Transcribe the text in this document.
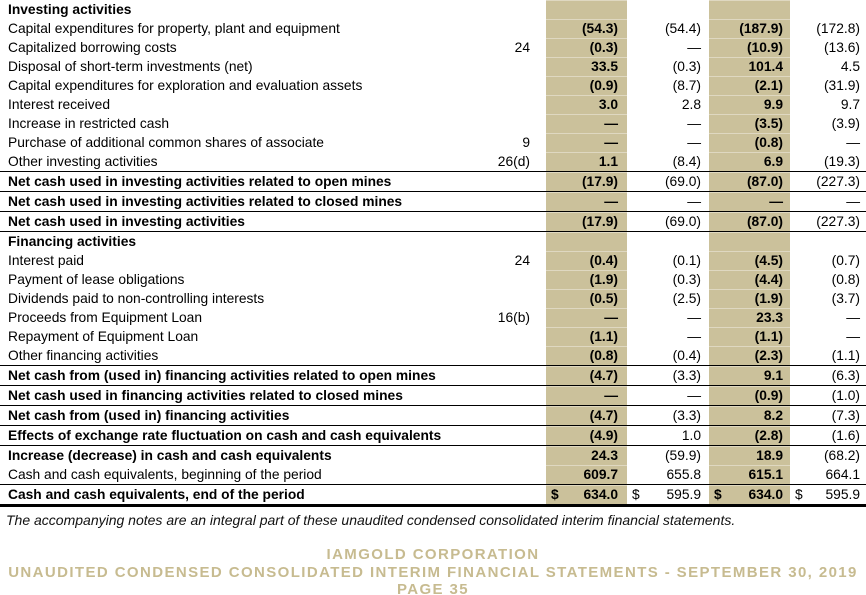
Investing activities					
Capital expenditures for property, plant and equipment		(54.3)	(54.4)	(187.9)	(172.8)
Capitalized borrowing costs	24	(0.3)	—	(10.9)	(13.6)
Disposal of short-term investments (net)		33.5	(0.3)	101.4	4.5
Capital expenditures for exploration and evaluation assets		(0.9)	(8.7)	(2.1)	(31.9)
Interest received		3.0	2.8	9.9	9.7
Increase in restricted cash		—	—	(3.5)	(3.9)
Purchase of additional common shares of associate	9	—	—	(0.8)	—
Other investing activities	26(d)	1.1	(8.4)	6.9	(19.3)
Net cash used in investing activities related to open mines		(17.9)	(69.0)	(87.0)	(227.3)
Net cash used in investing activities related to closed mines		—	—	—	—
Net cash used in investing activities		(17.9)	(69.0)	(87.0)	(227.3)
Financing activities					
Interest paid	24	(0.4)	(0.1)	(4.5)	(0.7)
Payment of lease obligations		(1.9)	(0.3)	(4.4)	(0.8)
Dividends paid to non-controlling interests		(0.5)	(2.5)	(1.9)	(3.7)
Proceeds from Equipment Loan	16(b)	—	—	23.3	—
Repayment of Equipment Loan		(1.1)	—	(1.1)	—
Other financing activities		(0.8)	(0.4)	(2.3)	(1.1)
Net cash from (used in) financing activities related to open mines		(4.7)	(3.3)	9.1	(6.3)
Net cash used in financing activities related to closed mines		—	—	(0.9)	(1.0)
Net cash from (used in) financing activities		(4.7)	(3.3)	8.2	(7.3)
Effects of exchange rate fluctuation on cash and cash equivalents		(4.9)	1.0	(2.8)	(1.6)
Increase (decrease) in cash and cash equivalents		24.3	(59.9)	18.9	(68.2)
Cash and cash equivalents, beginning of the period		609.7	655.8	615.1	664.1
Cash and cash equivalents, end of the period		$ 634.0	$ 595.9	$ 634.0	$ 595.9

The accompanying notes are an integral part of these unaudited condensed consolidated interim financial statements.

IAMGOLD CORPORATION
UNAUDITED CONDENSED CONSOLIDATED INTERIM FINANCIAL STATEMENTS - SEPTEMBER 30, 2019
PAGE 35
